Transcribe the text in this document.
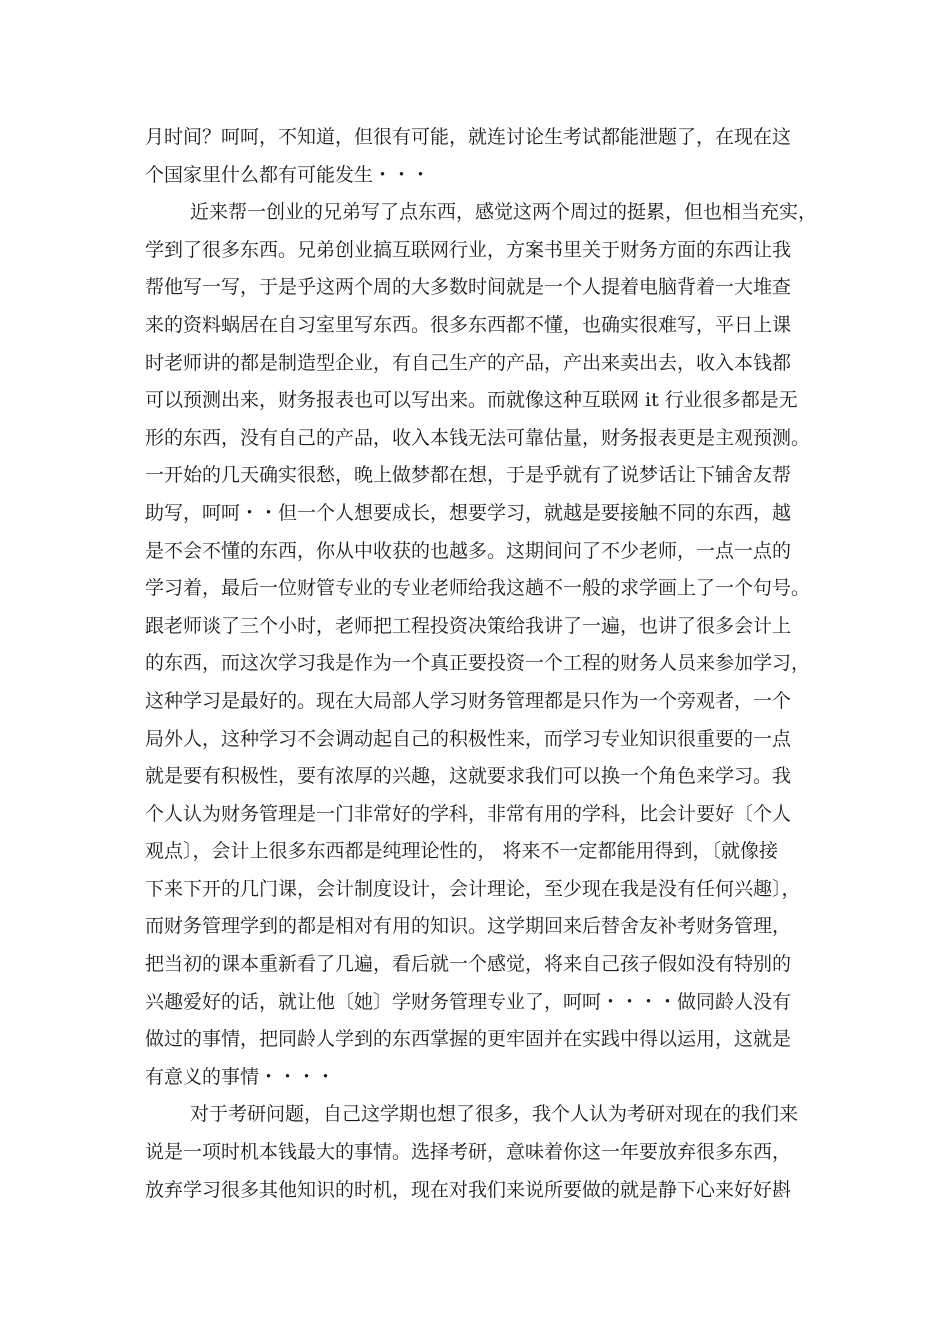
月时间？呵呵，不知道，但很有可能，就连讨论生考试都能泄题了，在现在这
个国家里什么都有可能发生・・・
近来帮一创业的兄弟写了点东西，感觉这两个周过的挺累，但也相当充实，
学到了很多东西。兄弟创业搞互联网行业，方案书里关于财务方面的东西让我
帮他写一写，于是乎这两个周的大多数时间就是一个人提着电脑背着一大堆查
来的资料蜗居在自习室里写东西。很多东西都不懂，也确实很难写，平日上课
时老师讲的都是制造型企业，有自己生产的产品，产出来卖出去，收入本钱都
可以预测出来，财务报表也可以写出来。而就像这种互联网 it 行业很多都是无
形的东西，没有自己的产品，收入本钱无法可靠估量，财务报表更是主观预测。
一开始的几天确实很愁，晚上做梦都在想，于是乎就有了说梦话让下铺舍友帮
助写，呵呵・・但一个人想要成长，想要学习，就越是要接触不同的东西，越
是不会不懂的东西，你从中收获的也越多。这期间问了不少老师，一点一点的
学习着，最后一位财管专业的专业老师给我这趟不一般的求学画上了一个句号。
跟老师谈了三个小时，老师把工程投资决策给我讲了一遍，也讲了很多会计上
的东西，而这次学习我是作为一个真正要投资一个工程的财务人员来参加学习，
这种学习是最好的。现在大局部人学习财务管理都是只作为一个旁观者，一个
局外人，这种学习不会调动起自己的积极性来，而学习专业知识很重要的一点
就是要有积极性，要有浓厚的兴趣，这就要求我们可以换一个角色来学习。我
个人认为财务管理是一门非常好的学科，非常有用的学科，比会计要好〔个人
观点〕，会计上很多东西都是纯理论性的， 将来不一定都能用得到，〔就像接
下来下开的几门课，会计制度设计，会计理论，至少现在我是没有任何兴趣〕，
而财务管理学到的都是相对有用的知识。这学期回来后替舍友补考财务管理，
把当初的课本重新看了几遍，看后就一个感觉，将来自己孩子假如没有特别的
兴趣爱好的话，就让他〔她〕学财务管理专业了，呵呵・・・・做同龄人没有
做过的事情，把同龄人学到的东西掌握的更牢固并在实践中得以运用，这就是
有意义的事情・・・・
对于考研问题，自己这学期也想了很多，我个人认为考研对现在的我们来
说是一项时机本钱最大的事情。选择考研，意味着你这一年要放弃很多东西，
放弃学习很多其他知识的时机，现在对我们来说所要做的就是静下心来好好斟
